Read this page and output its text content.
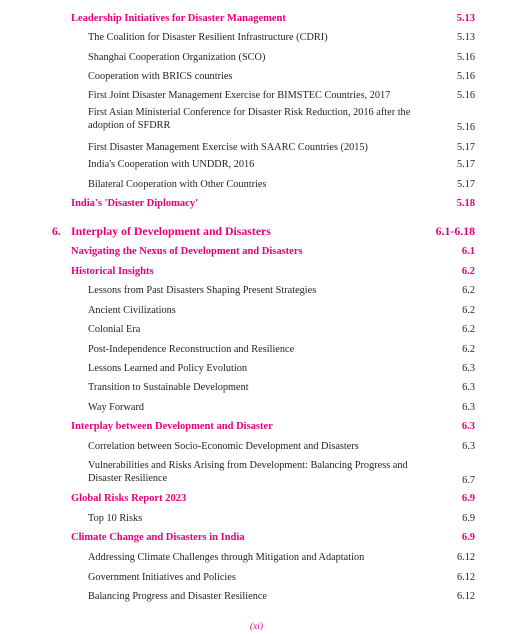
Leadership Initiatives for Disaster Management	5.13
The Coalition for Disaster Resilient Infrastructure (CDRI)	5.13
Shanghai Cooperation Organization (SCO)	5.16
Cooperation with BRICS countries	5.16
First Joint Disaster Management Exercise for BIMSTEC Countries, 2017	5.16
First Asian Ministerial Conference for Disaster Risk Reduction, 2016 after the adoption of SFDRR	5.16
First Disaster Management Exercise with SAARC Countries (2015)	5.17
India's Cooperation with UNDDR, 2016	5.17
Bilateral Cooperation with Other Countries	5.17
India's 'Disaster Diplomacy'	5.18
6. Interplay of Development and Disasters	6.1-6.18
Navigating the Nexus of Development and Disasters	6.1
Historical Insights	6.2
Lessons from Past Disasters Shaping Present Strategies	6.2
Ancient Civilizations	6.2
Colonial Era	6.2
Post-Independence Reconstruction and Resilience	6.2
Lessons Learned and Policy Evolution	6.3
Transition to Sustainable Development	6.3
Way Forward	6.3
Interplay between Development and Disaster	6.3
Correlation between Socio-Economic Development and Disasters	6.3
Vulnerabilities and Risks Arising from Development: Balancing Progress and Disaster Resilience	6.7
Global Risks Report 2023	6.9
Top 10 Risks	6.9
Climate Change and Disasters in India	6.9
Addressing Climate Challenges through Mitigation and Adaptation	6.12
Government Initiatives and Policies	6.12
Balancing Progress and Disaster Resilience	6.12
(xi)
